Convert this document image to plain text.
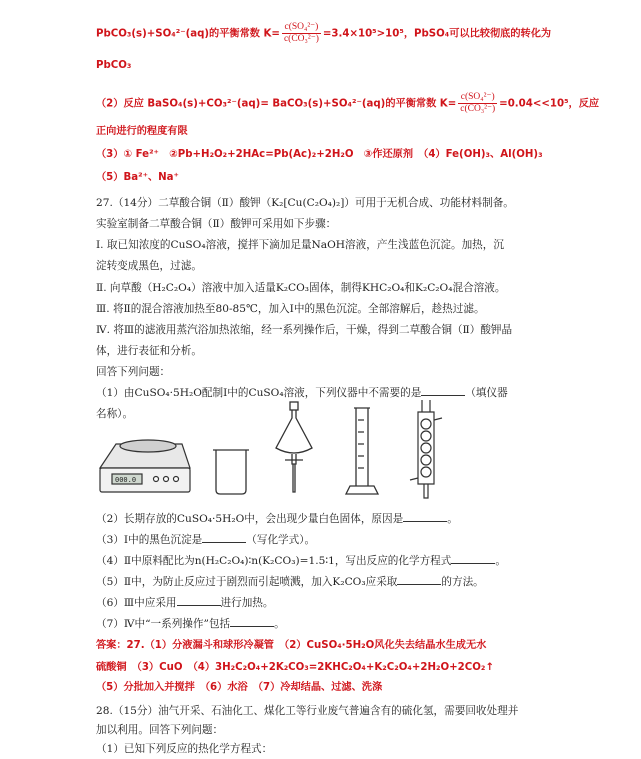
PbCO₃(s)+SO₄²⁻(aq)的平衡常数 $K= \frac{\text{c(SO₄²⁻)}}{\text{c(CO₃²⁻)}} =3.4\times 10^5>10^5$，PbSO₄可以比较彻底的转化为
PbCO₃
（2）反应 BaSO₄(s)+CO₃²⁻(aq)= BaCO₃(s)+SO₄²⁻(aq)的平衡常数 $K= \frac{\text{c(SO₄²⁻)}}{\text{c(CO₃²⁻)}} =0.04<<10^5$，反应
正向进行的程度有限
（3）① Fe²⁺　②Pb+H₂O₂+2HAc=Pb(Ac)₂+2H₂O　③作还原剂　（4）Fe(OH)₃、Al(OH)₃
（5）Ba²⁺、Na⁺
27.（14分）二草酸合铜（Ⅱ）酸钾（K₂[Cu(C₂O₄)₂]）可用于无机合成、功能材料制备。
实验室制备二草酸合铜（Ⅱ）酸钾可采用如下步骤：
Ⅰ. 取已知浓度的CuSO₄溶液，搅拌下滴加足量NaOH溶液，产生浅蓝色沉淀。加热，沉
淀转变成黑色，过滤。
Ⅱ. 向草酸（H₂C₂O₄）溶液中加入适量K₂CO₃固体，制得KHC₂O₄和K₂C₂O₄混合溶液。
Ⅲ. 将Ⅱ的混合溶液加热至80-85℃，加入Ⅰ中的黑色沉淀。全部溶解后，趁热过滤。
Ⅳ. 将Ⅲ的滤液用蒸汽浴加热浓缩，经一系列操作后，干燥，得到二草酸合铜（Ⅱ）酸钾晶
体，进行表征和分析。
回答下列问题：
（1）由CuSO₄·5H₂O配制Ⅰ中的CuSO₄溶液，下列仪器中不需要的是	（填仪器
名称）。
000.0
（2）长期存放的CuSO₄·5H₂O中，会出现少量白色固体，原因是	。
（3）Ⅰ中的黑色沉淀是	（写化学式）。
（4）Ⅱ中原料配比为n(H₂C₂O₄)∶n(K₂CO₃)=1.5∶1，写出反应的化学方程式	。
（5）Ⅱ中，为防止反应过于剧烈而引起喷溅，加入K₂CO₃应采取	的方法。
（6）Ⅲ中应采用	进行加热。
（7）Ⅳ中“一系列操作”包括	。
答案：27.（1）分液漏斗和球形冷凝管　（2）CuSO₄·5H₂O风化失去结晶水生成无水
硫酸铜　（3）CuO　（4）3H₂C₂O₄+2K₂CO₃=2KHC₂O₄+K₂C₂O₄+2H₂O+2CO₂↑
（5）分批加入并搅拌　（6）水浴　（7）冷却结晶、过滤、洗涤
28.（15分）油气开采、石油化工、煤化工等行业废气普遍含有的硫化氢，需要回收处理并
加以利用。回答下列问题：
（1）已知下列反应的热化学方程式：
